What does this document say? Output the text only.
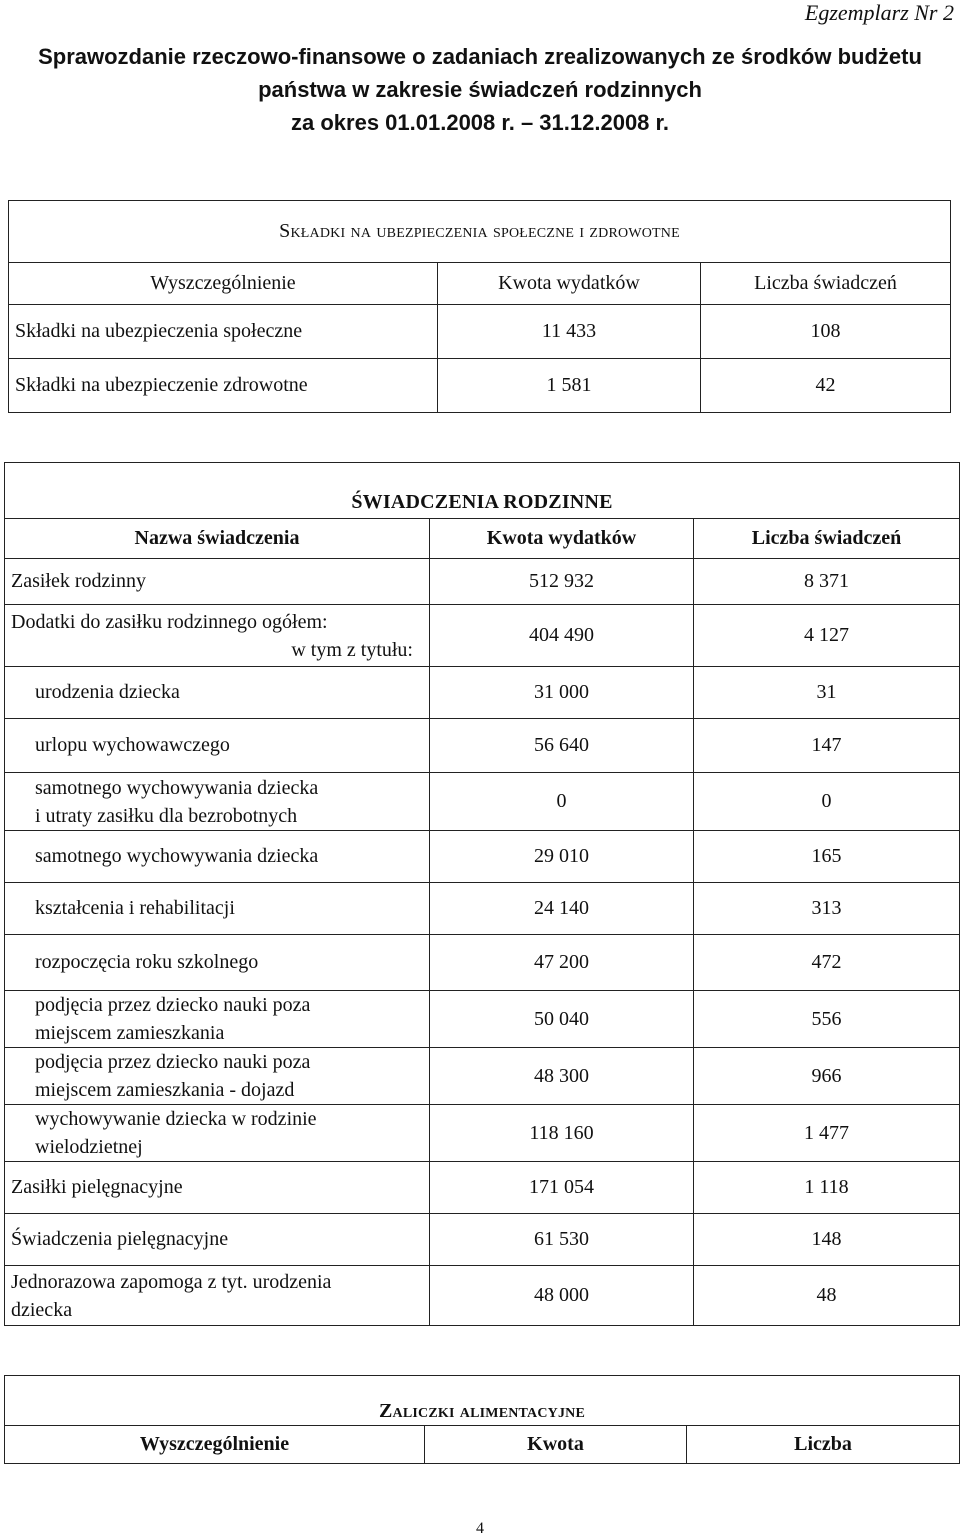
Egzemplarz Nr 2
Sprawozdanie rzeczowo-finansowe o zadaniach zrealizowanych ze środków budżetu
państwa w zakresie świadczeń rodzinnych
za okres 01.01.2008 r. – 31.12.2008 r.
Składki na ubezpieczenia społeczne i zdrowotne		
Wyszczególnienie	Kwota wydatków	Liczba świadczeń
Składki na ubezpieczenia społeczne	11 433	108
Składki na ubezpieczenie zdrowotne	1 581	42
ŚWIADCZENIA RODZINNE		
Nazwa świadczenia	Kwota wydatków	Liczba świadczeń
Zasiłek rodzinny	512 932	8 371

Dodatki do zasiłku rodzinnego ogółem:
w tym z tytułu:	404 490	4 127
urodzenia dziecka	31 000	31
urlopu wychowawczego	56 640	147

samotnego wychowywania dziecka
i utraty zasiłku dla bezrobotnych	0	0
samotnego wychowywania dziecka	29 010	165
kształcenia i rehabilitacji	24 140	313
rozpoczęcia roku szkolnego	47 200	472

podjęcia przez dziecko nauki poza
miejscem zamieszkania	50 040	556

podjęcia przez dziecko nauki poza
miejscem zamieszkania - dojazd	48 300	966

wychowywanie dziecka w rodzinie
wielodzietnej	118 160	1 477
Zasiłki pielęgnacyjne	171 054	1 118
Świadczenia pielęgnacyjne	61 530	148

Jednorazowa zapomoga z tyt. urodzenia
dziecka	48 000	48
Zaliczki alimentacyjne
Wyszczególnienie	Kwota	Liczba
4
